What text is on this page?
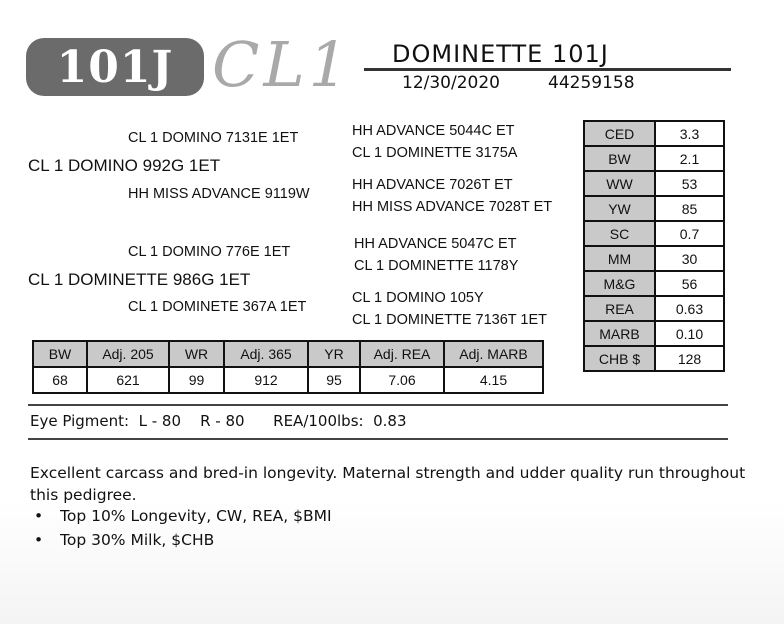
101J CL1 DOMINETTE 101J
12/30/2020	44259158
CL 1 DOMINO 7131E 1ET
CL 1 DOMINO 992G 1ET
HH MISS ADVANCE 9119W
HH ADVANCE 5044C ET
CL 1 DOMINETTE 3175A
HH ADVANCE 7026T ET
HH MISS ADVANCE 7028T ET
CL 1 DOMINO 776E 1ET
CL 1 DOMINETTE 986G 1ET
CL 1 DOMINETE 367A 1ET
HH ADVANCE 5047C ET
CL 1 DOMINETTE 1178Y
CL 1 DOMINO 105Y
CL 1 DOMINETTE 7136T 1ET
CED	3.3
BW	2.1
WW	53
YW	85
SC	0.7
MM	30
M&G	56
REA	0.63
MARB	0.10
CHB $	128
BW	Adj. 205	WR	Adj. 365	YR	Adj. REA	Adj. MARB
68	621	99	912	95	7.06	4.15
Eye Pigment: L - 80 R - 80 REA/100lbs: 0.83
Excellent carcass and bred-in longevity. Maternal strength and udder quality run throughout this pedigree.
• Top 10% Longevity, CW, REA, $BMI
• Top 30% Milk, $CHB
